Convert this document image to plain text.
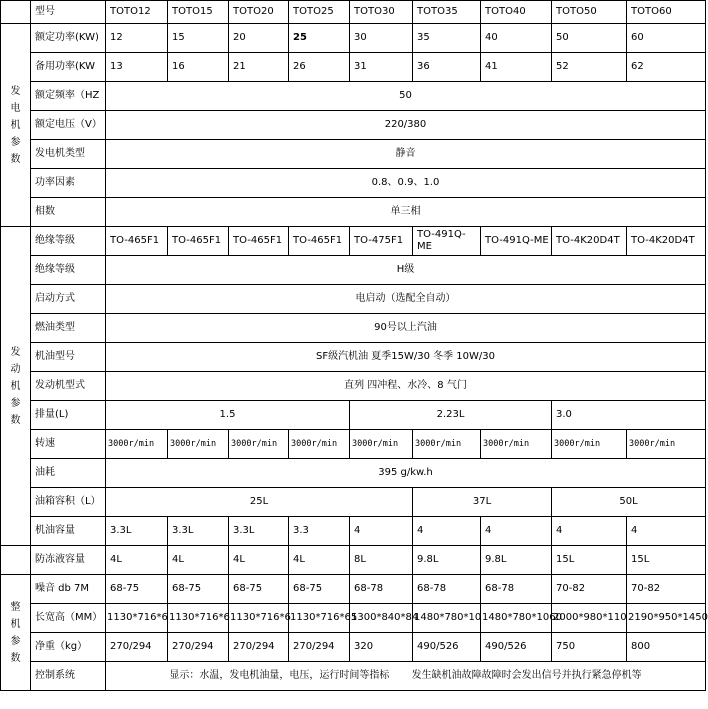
	型号	TOTO12	TOTO15	TOTO20	TOTO25	TOTO30	TOTO35	TOTO40	TOTO50	TOTO60

发电机参数	额定功率(KW)	12	15	20	25	30	35	40	50	60
	备用功率(KW	13	16	21	26	31	36	41	52	62
	额定频率（HZ	50								
	额定电压（V）	220/380								
	发电机类型	静音								
	功率因素	0.8、0.9、1.0								
	相数	单三相								

发动机参数	绝缘等级	TO-465F1	TO-465F1	TO-465F1	TO-465F1	TO-475F1	TO-491Q-ME	TO-491Q-ME	TO-4K20D4T	TO-4K20D4T
	绝缘等级	H级								
	启动方式	电启动（选配全自动）								
	燃油类型	90号以上汽油								
	机油型号	SF级汽机油 夏季15W/30 冬季 10W/30								
	发动机型式	直列 四冲程、水冷、8 气门								
	排量(L)	1.5				2.23L			3.0	
	转速	3000r/min	3000r/min	3000r/min	3000r/min	3000r/min	3000r/min	3000r/min	3000r/min	3000r/min
	油耗	395 g/kw.h								
	油箱容积（L）	25L					37L		50L	
	机油容量	3.3L	3.3L	3.3L	3.3	4	4	4	4	4
	防冻液容量	4L	4L	4L	4L	8L	9.8L	9.8L	15L	15L

整机参数	噪音 db 7M	68-75	68-75	68-75	68-75	68-78	68-78	68-78	70-82	70-82
	长宽高（MM）	1130*716*6	1130*716*6	1130*716*6	1130*716*65	1300*840*84	1480*780*10	1480*780*1060	2000*980*110	2190*950*1450
	净重（kg）	270/294	270/294	270/294	270/294	320	490/526	490/526	750	800
	控制系统	显示：水温，发电机油量，电压，运行时间等指标       发生缺机油故障故障时会发出信号并执行紧急停机等								
